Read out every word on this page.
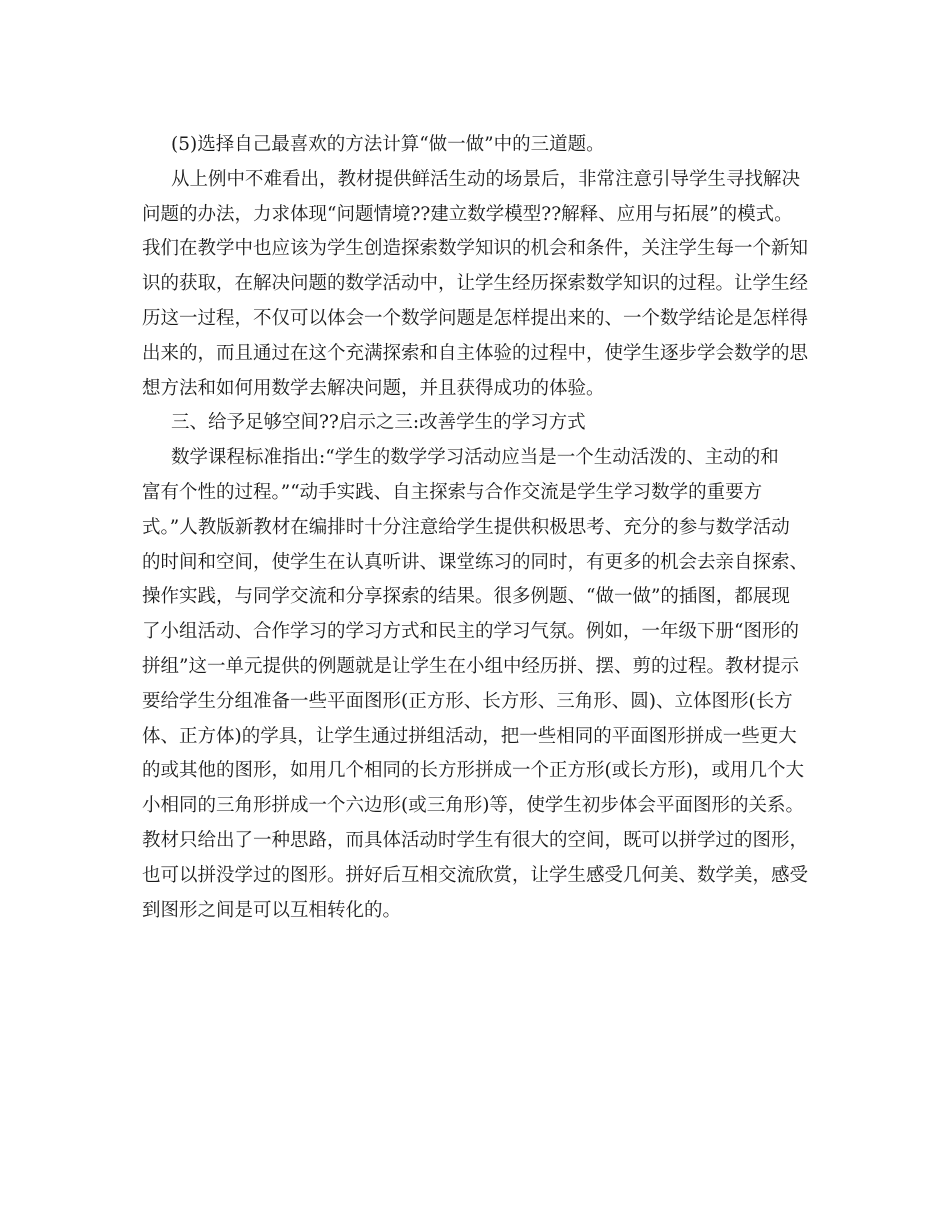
(5)选择自己最喜欢的方法计算“做一做”中的三道题。
从上例中不难看出，教材提供鲜活生动的场景后，非常注意引导学生寻找解决
问题的办法，力求体现“问题情境??建立数学模型??解释、应用与拓展”的模式。
我们在教学中也应该为学生创造探索数学知识的机会和条件，关注学生每一个新知
识的获取，在解决问题的数学活动中，让学生经历探索数学知识的过程。让学生经
历这一过程，不仅可以体会一个数学问题是怎样提出来的、一个数学结论是怎样得
出来的，而且通过在这个充满探索和自主体验的过程中，使学生逐步学会数学的思
想方法和如何用数学去解决问题，并且获得成功的体验。
三、给予足够空间??启示之三:改善学生的学习方式
数学课程标准指出:“学生的数学学习活动应当是一个生动活泼的、主动的和
富有个性的过程。”“动手实践、自主探索与合作交流是学生学习数学的重要方
式。”人教版新教材在编排时十分注意给学生提供积极思考、充分的参与数学活动
的时间和空间，使学生在认真听讲、课堂练习的同时，有更多的机会去亲自探索、
操作实践，与同学交流和分享探索的结果。很多例题、“做一做”的插图，都展现
了小组活动、合作学习的学习方式和民主的学习气氛。例如，一年级下册“图形的
拼组”这一单元提供的例题就是让学生在小组中经历拼、摆、剪的过程。教材提示
要给学生分组准备一些平面图形(正方形、长方形、三角形、圆)、立体图形(长方
体、正方体)的学具，让学生通过拼组活动，把一些相同的平面图形拼成一些更大
的或其他的图形，如用几个相同的长方形拼成一个正方形(或长方形)，或用几个大
小相同的三角形拼成一个六边形(或三角形)等，使学生初步体会平面图形的关系。
教材只给出了一种思路，而具体活动时学生有很大的空间，既可以拼学过的图形，
也可以拼没学过的图形。拼好后互相交流欣赏，让学生感受几何美、数学美，感受
到图形之间是可以互相转化的。
